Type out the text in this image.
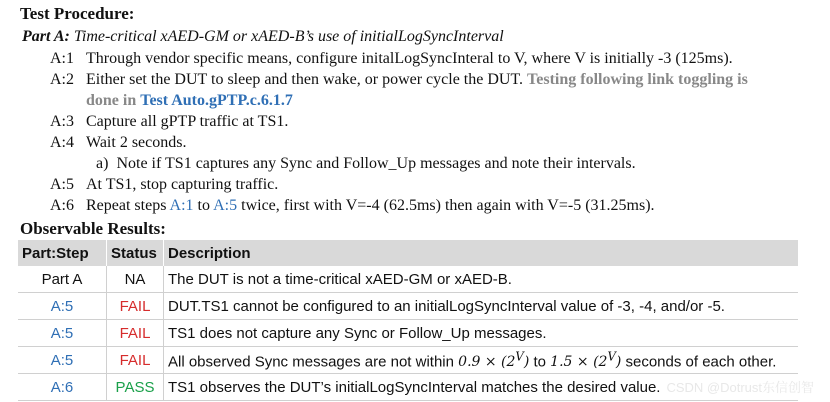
Test Procedure:
Part A: Time-critical xAED-GM or xAED-B’s use of initialLogSyncInterval
A:1 Through vendor specific means, configure initalLogSyncInteral to V, where V is initially -3 (125ms).
A:2 Either set the DUT to sleep and then wake, or power cycle the DUT. Testing following link toggling is
done in Test Auto.gPTP.c.6.1.7
A:3 Capture all gPTP traffic at TS1.
A:4 Wait 2 seconds.
a) Note if TS1 captures any Sync and Follow_Up messages and note their intervals.
A:5 At TS1, stop capturing traffic.
A:6 Repeat steps A:1 to A:5 twice, first with V=-4 (62.5ms) then again with V=-5 (31.25ms).
Observable Results:
Part:Step	Status	Description
Part A	NA	The DUT is not a time-critical xAED-GM or xAED-B.
A:5	FAIL	DUT.TS1 cannot be configured to an initialLogSyncInterval value of -3, -4, and/or -5.
A:5	FAIL	TS1 does not capture any Sync or Follow_Up messages.
A:5	FAIL	All observed Sync messages are not within $0.9 \times (2^V)$ to $1.5 \times (2^V)$ seconds of each other.
A:6	PASS	TS1 observes the DUT’s initialLogSyncInterval matches the desired value. CSDN @Dotrust东信创智
